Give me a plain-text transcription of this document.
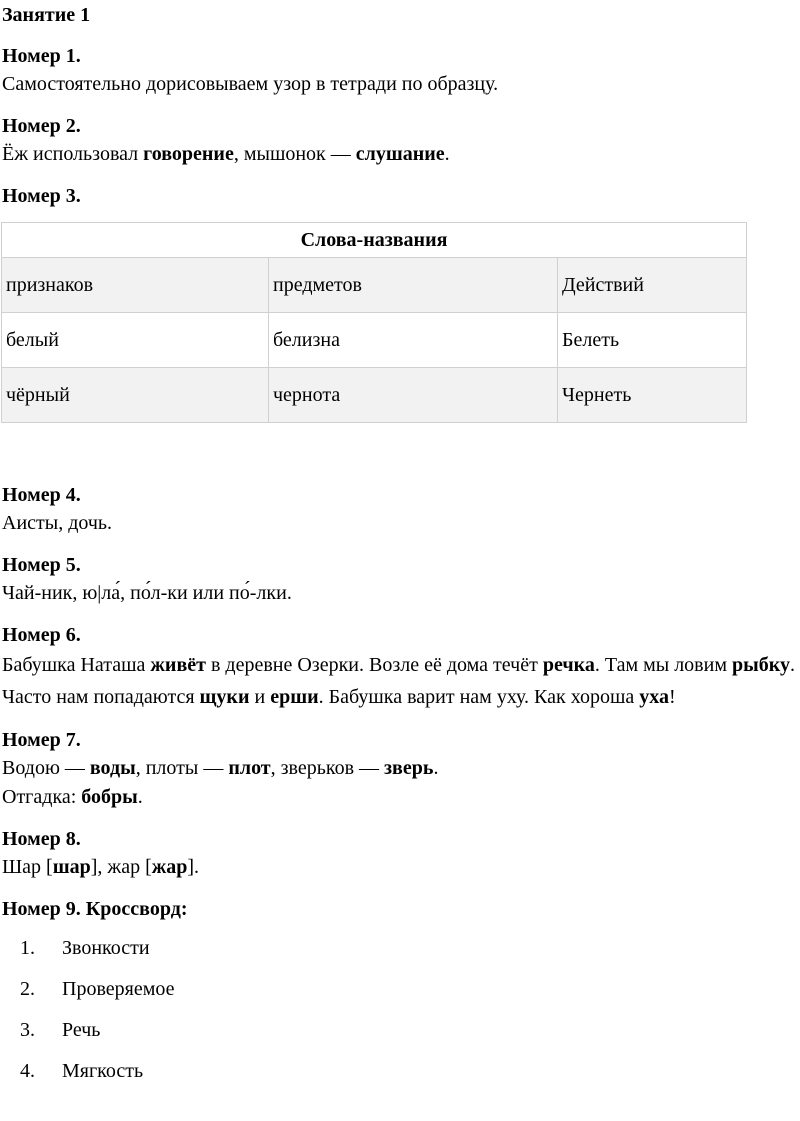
Занятие 1
Номер 1.

Самостоятельно дорисовываем узор в тетради по образцу.

Номер 2.

Ёж использовал говорение, мышонок — слушание.

Номер 3.
Слова-названия		
признаков	предметов	Действий
белый	белизна	Белеть
чёрный	чернота	Чернеть
Номер 4.

Аисты, дочь.

Номер 5.

Чай-ник, ю|ла́, по́л-ки или по́-лки.

Номер 6.

Бабушка Наташа живёт в деревне Озерки. Возле её дома течёт речка. Там мы ловим рыбку. Часто нам попадаются щуки и ерши. Бабушка варит нам уху. Как хороша уха!

Номер 7.

Водою — воды, плоты — плот, зверьков — зверь.

Отгадка: бобры.

Номер 8.

Шар [шар], жар [жар].

Номер 9. Кроссворд:
1.	Звонкости
2.	Проверяемое
3.	Речь
4.	Мягкость
